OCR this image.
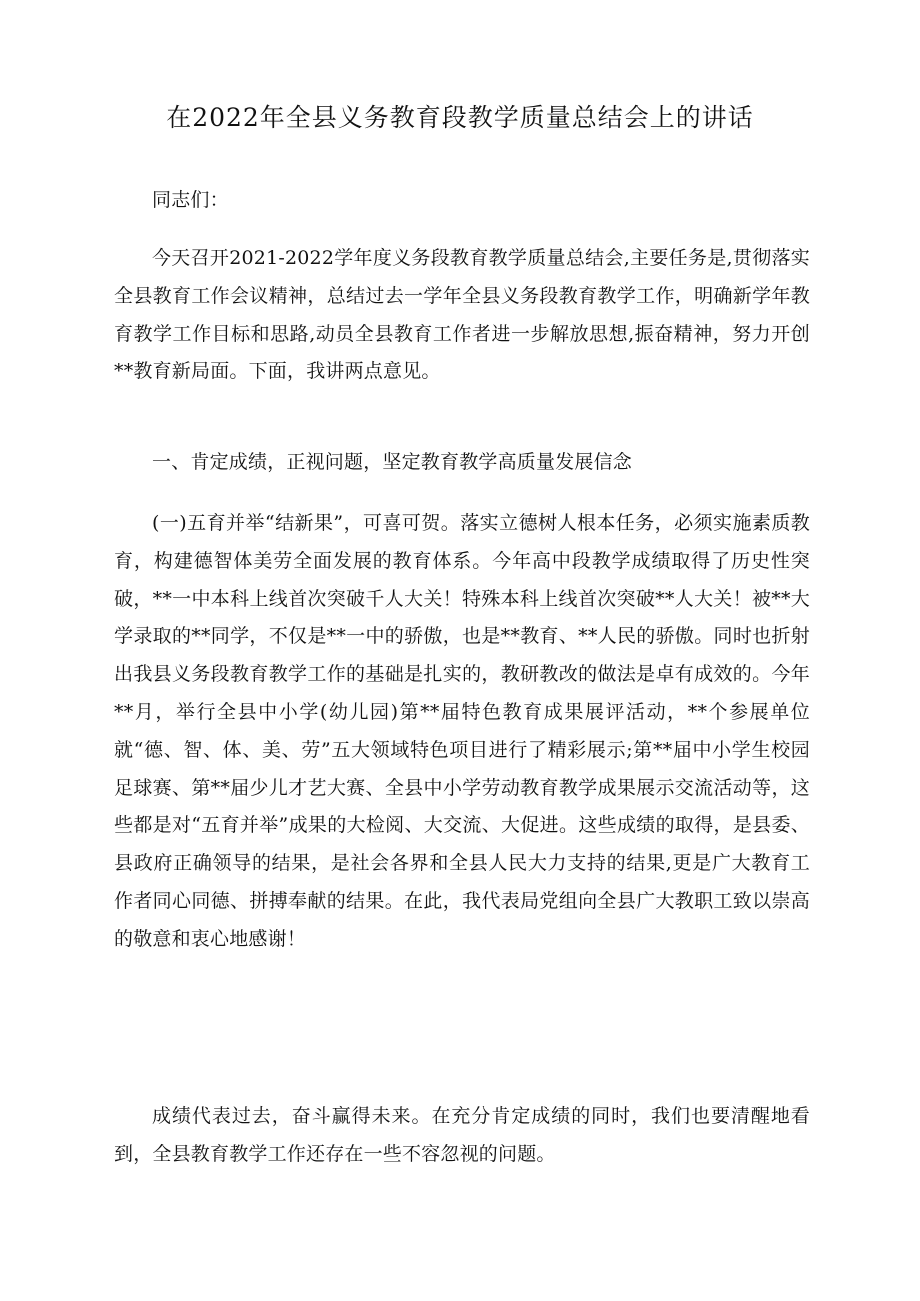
在2022年全县义务教育段教学质量总结会上的讲话

同志们：

今天召开2021-2022学年度义务段教育教学质量总结会,主要任务是,贯彻落实全县教育工作会议精神，总结过去一学年全县义务段教育教学工作，明确新学年教育教学工作目标和思路,动员全县教育工作者进一步解放思想,振奋精神，努力开创**教育新局面。下面，我讲两点意见。

一、肯定成绩，正视问题，坚定教育教学高质量发展信念

(一)五育并举“结新果”，可喜可贺。落实立德树人根本任务，必须实施素质教育，构建德智体美劳全面发展的教育体系。今年高中段教学成绩取得了历史性突破，**一中本科上线首次突破千人大关！特殊本科上线首次突破**人大关！被**大学录取的**同学，不仅是**一中的骄傲，也是**教育、**人民的骄傲。同时也折射出我县义务段教育教学工作的基础是扎实的，教研教改的做法是卓有成效的。今年**月，举行全县中小学(幼儿园)第**届特色教育成果展评活动，**个参展单位就“德、智、体、美、劳”五大领域特色项目进行了精彩展示;第**届中小学生校园足球赛、第**届少儿才艺大赛、全县中小学劳动教育教学成果展示交流活动等，这些都是对“五育并举”成果的大检阅、大交流、大促进。这些成绩的取得，是县委、县政府正确领导的结果，是社会各界和全县人民大力支持的结果,更是广大教育工作者同心同德、拼搏奉献的结果。在此，我代表局党组向全县广大教职工致以崇高的敬意和衷心地感谢！

成绩代表过去，奋斗赢得未来。在充分肯定成绩的同时，我们也要清醒地看到，全县教育教学工作还存在一些不容忽视的问题。
